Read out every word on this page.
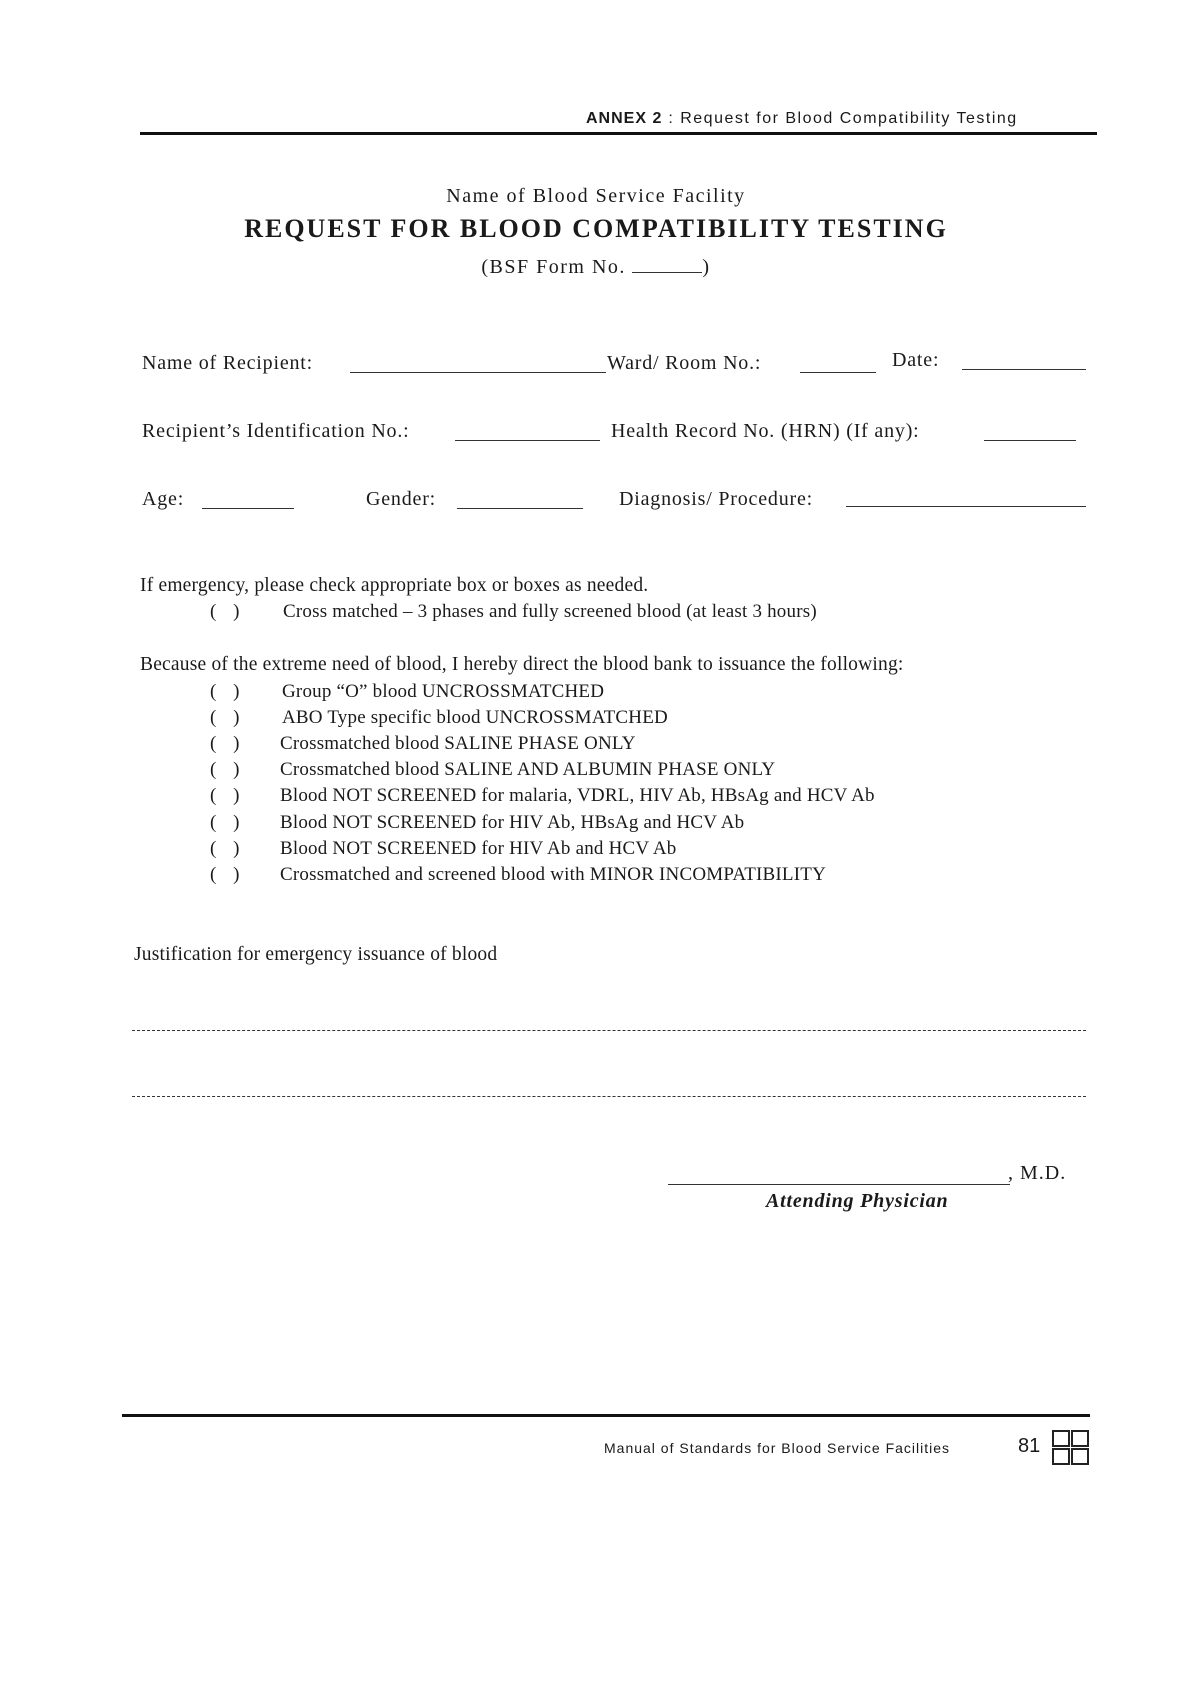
ANNEX 2 : Request for Blood Compatibility Testing
Name of Blood Service Facility
REQUEST FOR BLOOD COMPATIBILITY TESTING
(BSF Form No.	)
Name of Recipient:	Ward/ Room No.:	Date:
Recipient’s Identification No.:	Health Record No. (HRN) (If any):
Age:	Gender:	Diagnosis/ Procedure:
If emergency, please check appropriate box or boxes as needed.
( ) Cross matched – 3 phases and fully screened blood (at least 3 hours)
Because of the extreme need of blood, I hereby direct the blood bank to issuance the following:
( ) Group “O” blood UNCROSSMATCHED
( ) ABO Type specific blood UNCROSSMATCHED
( ) Crossmatched blood SALINE PHASE ONLY
( ) Crossmatched blood SALINE AND ALBUMIN PHASE ONLY
( ) Blood NOT SCREENED for malaria, VDRL, HIV Ab, HBsAg and HCV Ab
( ) Blood NOT SCREENED for HIV Ab, HBsAg and HCV Ab
( ) Blood NOT SCREENED for HIV Ab and HCV Ab
( ) Crossmatched and screened blood with MINOR INCOMPATIBILITY
Justification for emergency issuance of blood
, M.D.
Attending Physician
Manual of Standards for Blood Service Facilities	81
